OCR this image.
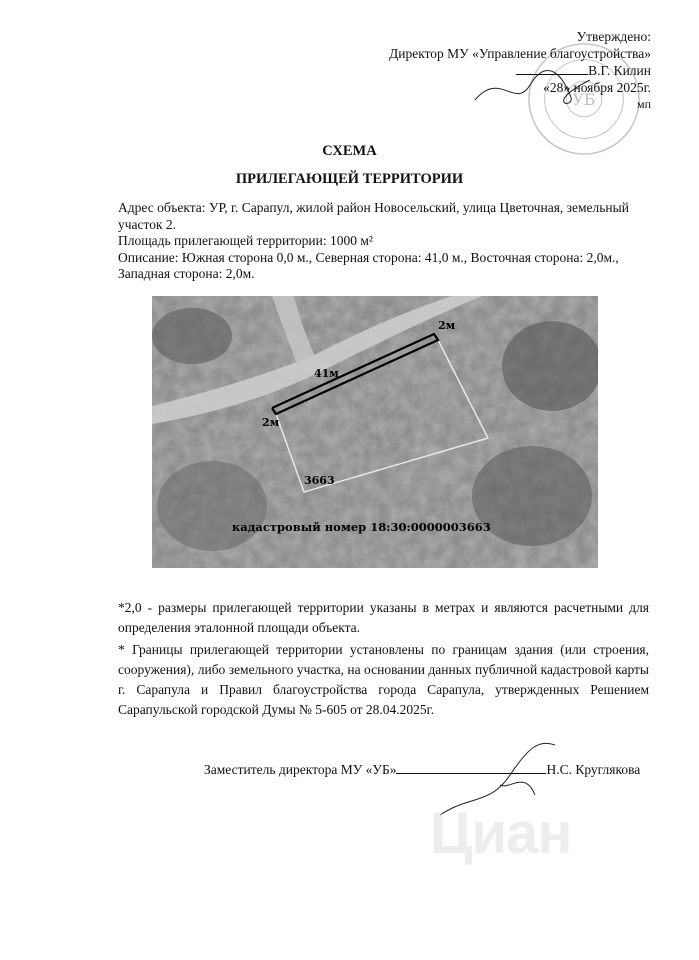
УБ
Утверждено:
Директор МУ «Управление благоустройства»
В.Г. Килин
«28» ноября 2025г.
мп
СХЕМА
ПРИЛЕГАЮЩЕЙ ТЕРРИТОРИИ
Адрес объекта: УР, г. Сарапул, жилой район Новосельский, улица Цветочная, земельный участок 2.
Площадь прилегающей территории: 1000 м²
Описание: Южная сторона 0,0 м., Северная сторона: 41,0 м., Восточная сторона: 2,0м., Западная сторона: 2,0м.
2м
41м
2м
3663
кадастровый номер 18:30:0000003663
*2,0 - размеры прилегающей территории указаны в метрах и являются расчетными для определения эталонной площади объекта.
* Границы прилегающей территории установлены по границам здания (или строения, сооружения), либо земельного участка, на основании данных публичной кадастровой карты г. Сарапула и Правил благоустройства города Сарапула, утвержденных Решением Сарапульской городской Думы № 5-605 от 28.04.2025г.
Заместитель директора МУ «УБ»	Н.С. Круглякова
Циан
